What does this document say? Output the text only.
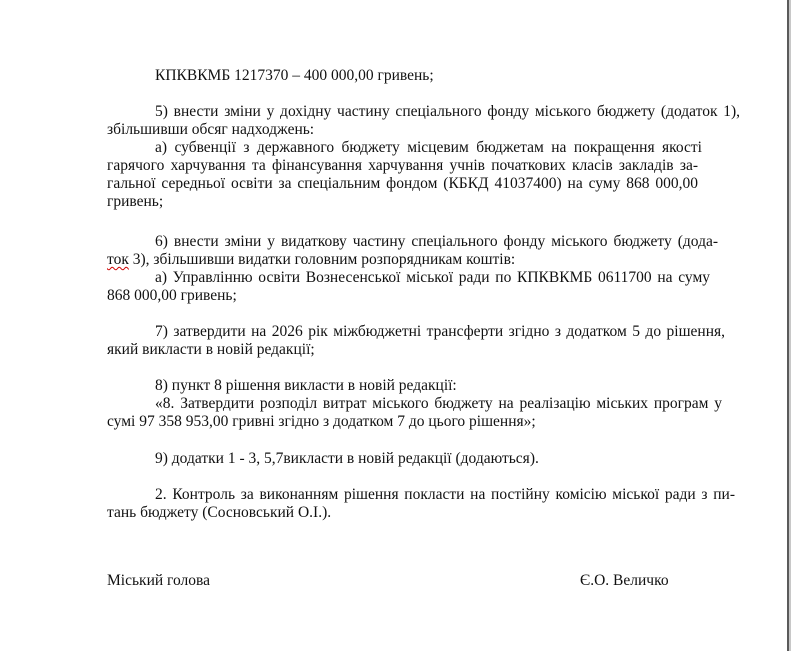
КПКВКМБ 1217370 – 400 000,00 гривень;
5) внести зміни у дохідну частину спеціального фонду міського бюджету (додаток 1),
збільшивши обсяг надходжень:
а) субвенції з державного бюджету місцевим бюджетам на покращення якості
гарячого харчування та фінансування харчування учнів початкових класів закладів за-
гальної середньої освіти за спеціальним фондом (КБКД 41037400) на суму 868 000,00
гривень;
6) внести зміни у видаткову частину спеціального фонду міського бюджету (дода-
ток 3), збільшивши видатки головним розпорядникам коштів:
а) Управлінню освіти Вознесенської міської ради по КПКВКМБ 0611700 на суму
868 000,00 гривень;
7) затвердити на 2026 рік міжбюджетні трансферти згідно з додатком 5 до рішення,
який викласти в новій редакції;
8) пункт 8 рішення викласти в новій редакції:
«8. Затвердити розподіл витрат міського бюджету на реалізацію міських програм у
сумі 97 358 953,00 гривні згідно з додатком 7 до цього рішення»;
9) додатки 1 - 3, 5,7викласти в новій редакції (додаються).
2. Контроль за виконанням рішення покласти на постійну комісію міської ради з пи-
тань бюджету (Сосновський О.І.).
Міський голова	Є.О. Величко
